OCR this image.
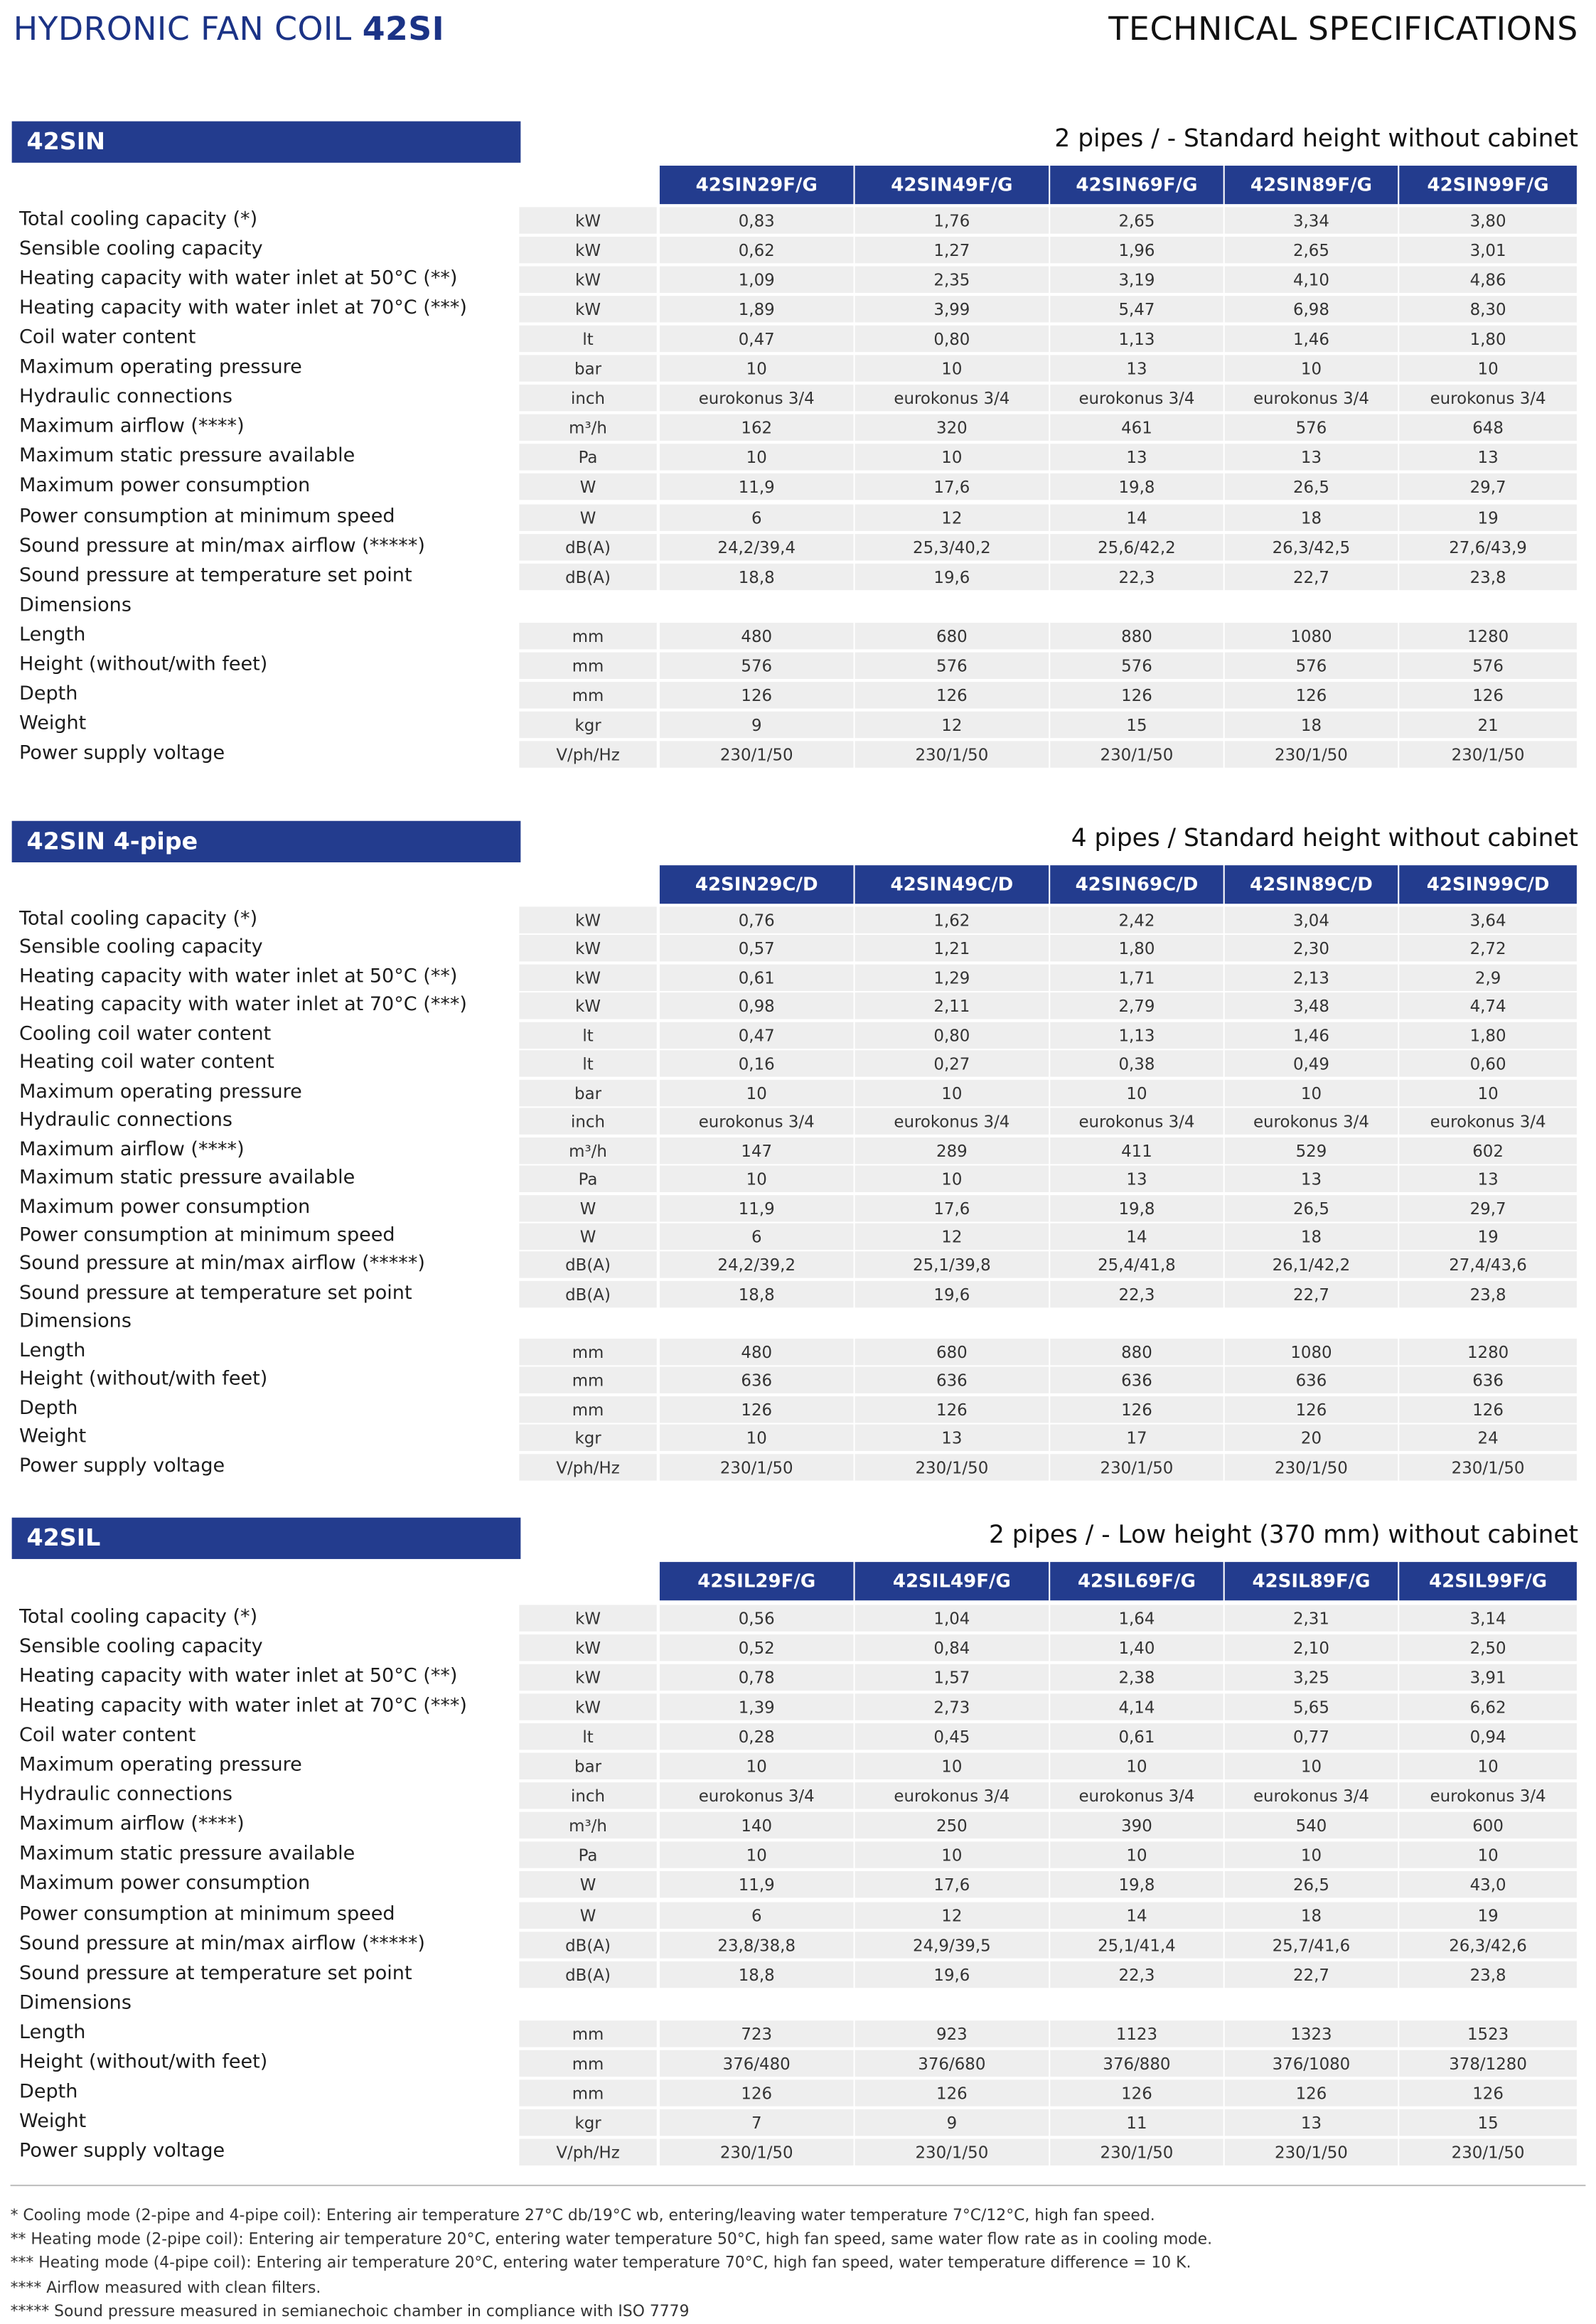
HYDRONIC FAN COIL 42SI	TECHNICAL SPECIFICATIONS
42SIN	2 pipes / - Standard height without cabinet
42SIN29F/G	42SIN49F/G	42SIN69F/G	42SIN89F/G	42SIN99F/G
Total cooling capacity (*)	kW	0,83	1,76	2,65	3,34	3,80
Sensible cooling capacity	kW	0,62	1,27	1,96	2,65	3,01
Heating capacity with water inlet at 50°C (**)	kW	1,09	2,35	3,19	4,10	4,86
Heating capacity with water inlet at 70°C (***)	kW	1,89	3,99	5,47	6,98	8,30
Coil water content	lt	0,47	0,80	1,13	1,46	1,80
Maximum operating pressure	bar	10	10	13	10	10
Hydraulic connections	inch	eurokonus 3/4	eurokonus 3/4	eurokonus 3/4	eurokonus 3/4	eurokonus 3/4
Maximum airflow (****)	m³/h	162	320	461	576	648
Maximum static pressure available	Pa	10	10	13	13	13
Maximum power consumption	W	11,9	17,6	19,8	26,5	29,7
Power consumption at minimum speed	W	6	12	14	18	19
Sound pressure at min/max airflow (*****)	dB(A)	24,2/39,4	25,3/40,2	25,6/42,2	26,3/42,5	27,6/43,9
Sound pressure at temperature set point	dB(A)	18,8	19,6	22,3	22,7	23,8
Dimensions
Length	mm	480	680	880	1080	1280
Height (without/with feet)	mm	576	576	576	576	576
Depth	mm	126	126	126	126	126
Weight	kgr	9	12	15	18	21
Power supply voltage	V/ph/Hz	230/1/50	230/1/50	230/1/50	230/1/50	230/1/50
42SIN 4-pipe	4 pipes / Standard height without cabinet
42SIN29C/D	42SIN49C/D	42SIN69C/D	42SIN89C/D	42SIN99C/D
Total cooling capacity (*)	kW	0,76	1,62	2,42	3,04	3,64
Sensible cooling capacity	kW	0,57	1,21	1,80	2,30	2,72
Heating capacity with water inlet at 50°C (**)	kW	0,61	1,29	1,71	2,13	2,9
Heating capacity with water inlet at 70°C (***)	kW	0,98	2,11	2,79	3,48	4,74
Cooling coil water content	lt	0,47	0,80	1,13	1,46	1,80
Heating coil water content	lt	0,16	0,27	0,38	0,49	0,60
Maximum operating pressure	bar	10	10	10	10	10
Hydraulic connections	inch	eurokonus 3/4	eurokonus 3/4	eurokonus 3/4	eurokonus 3/4	eurokonus 3/4
Maximum airflow (****)	m³/h	147	289	411	529	602
Maximum static pressure available	Pa	10	10	13	13	13
Maximum power consumption	W	11,9	17,6	19,8	26,5	29,7
Power consumption at minimum speed	W	6	12	14	18	19
Sound pressure at min/max airflow (*****)	dB(A)	24,2/39,2	25,1/39,8	25,4/41,8	26,1/42,2	27,4/43,6
Sound pressure at temperature set point	dB(A)	18,8	19,6	22,3	22,7	23,8
Dimensions
Length	mm	480	680	880	1080	1280
Height (without/with feet)	mm	636	636	636	636	636
Depth	mm	126	126	126	126	126
Weight	kgr	10	13	17	20	24
Power supply voltage	V/ph/Hz	230/1/50	230/1/50	230/1/50	230/1/50	230/1/50
42SIL	2 pipes / - Low height (370 mm) without cabinet
42SIL29F/G	42SIL49F/G	42SIL69F/G	42SIL89F/G	42SIL99F/G
Total cooling capacity (*)	kW	0,56	1,04	1,64	2,31	3,14
Sensible cooling capacity	kW	0,52	0,84	1,40	2,10	2,50
Heating capacity with water inlet at 50°C (**)	kW	0,78	1,57	2,38	3,25	3,91
Heating capacity with water inlet at 70°C (***)	kW	1,39	2,73	4,14	5,65	6,62
Coil water content	lt	0,28	0,45	0,61	0,77	0,94
Maximum operating pressure	bar	10	10	10	10	10
Hydraulic connections	inch	eurokonus 3/4	eurokonus 3/4	eurokonus 3/4	eurokonus 3/4	eurokonus 3/4
Maximum airflow (****)	m³/h	140	250	390	540	600
Maximum static pressure available	Pa	10	10	10	10	10
Maximum power consumption	W	11,9	17,6	19,8	26,5	43,0
Power consumption at minimum speed	W	6	12	14	18	19
Sound pressure at min/max airflow (*****)	dB(A)	23,8/38,8	24,9/39,5	25,1/41,4	25,7/41,6	26,3/42,6
Sound pressure at temperature set point	dB(A)	18,8	19,6	22,3	22,7	23,8
Dimensions
Length	mm	723	923	1123	1323	1523
Height (without/with feet)	mm	376/480	376/680	376/880	376/1080	378/1280
Depth	mm	126	126	126	126	126
Weight	kgr	7	9	11	13	15
Power supply voltage	V/ph/Hz	230/1/50	230/1/50	230/1/50	230/1/50	230/1/50
* Cooling mode (2-pipe and 4-pipe coil): Entering air temperature 27°C db/19°C wb, entering/leaving water temperature 7°C/12°C, high fan speed.
** Heating mode (2-pipe coil): Entering air temperature 20°C, entering water temperature 50°C, high fan speed, same water flow rate as in cooling mode.
*** Heating mode (4-pipe coil): Entering air temperature 20°C, entering water temperature 70°C, high fan speed, water temperature difference = 10 K.
**** Airflow measured with clean filters.
***** Sound pressure measured in semianechoic chamber in compliance with ISO 7779
